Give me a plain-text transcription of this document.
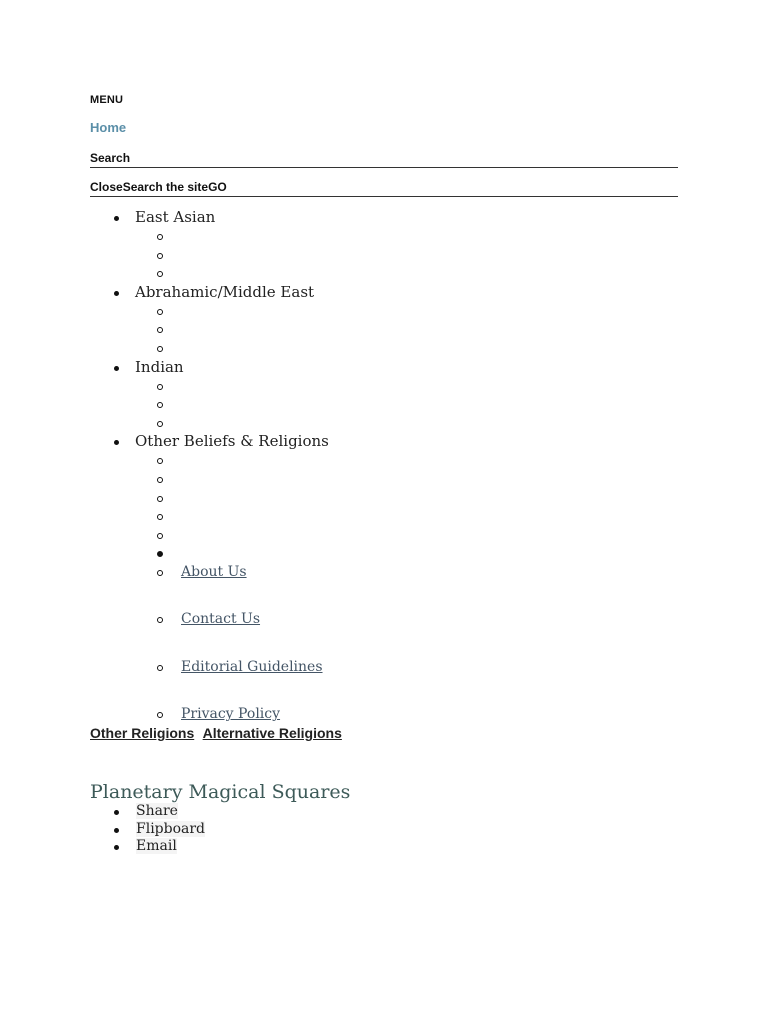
MENU
Home
Search
CloseSearch the siteGO
East Asian
Abrahamic/Middle East
Indian
Other Beliefs & Religions
About Us
Contact Us
Editorial Guidelines
Privacy Policy
Other Religions Alternative Religions
Planetary Magical Squares
Share
Flipboard
Email
